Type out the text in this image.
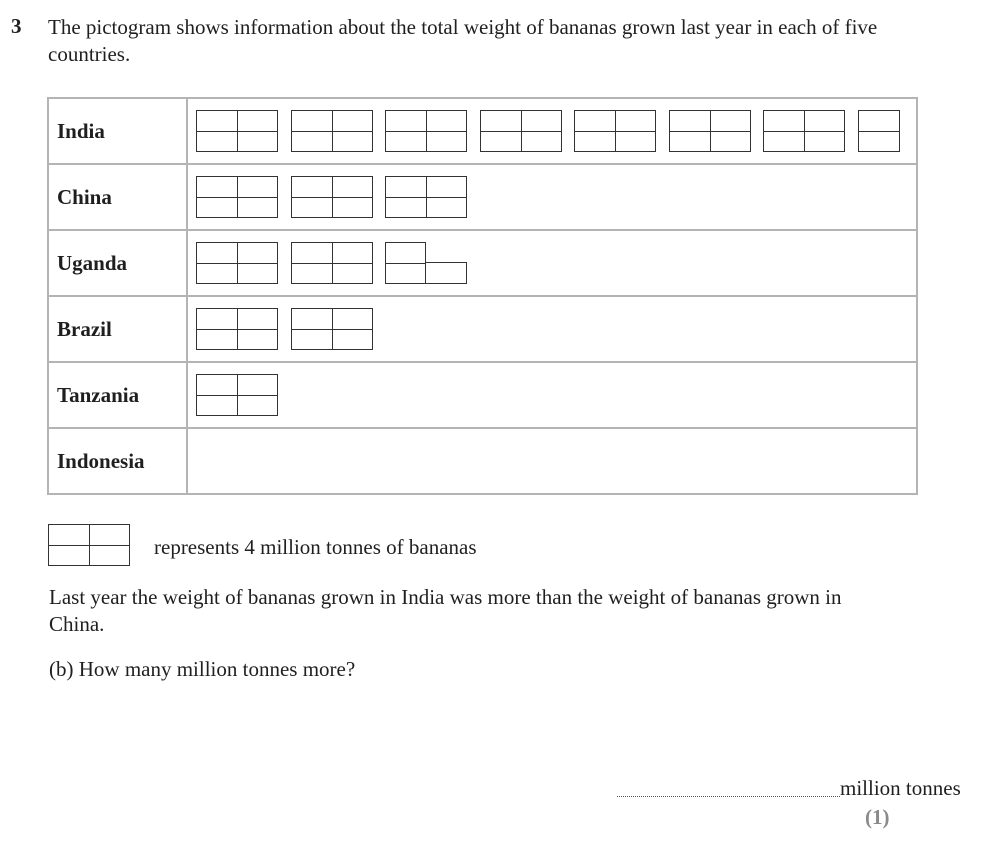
3 The pictogram shows information about the total weight of bananas grown last year in each of five countries.
India	

China	

Uganda	

Brazil	

Tanzania	

Indonesia	
represents 4 million tonnes of bananas
Last year the weight of bananas grown in India was more than the weight of bananas grown in China.
(b) How many million tonnes more?
million tonnes
(1)
